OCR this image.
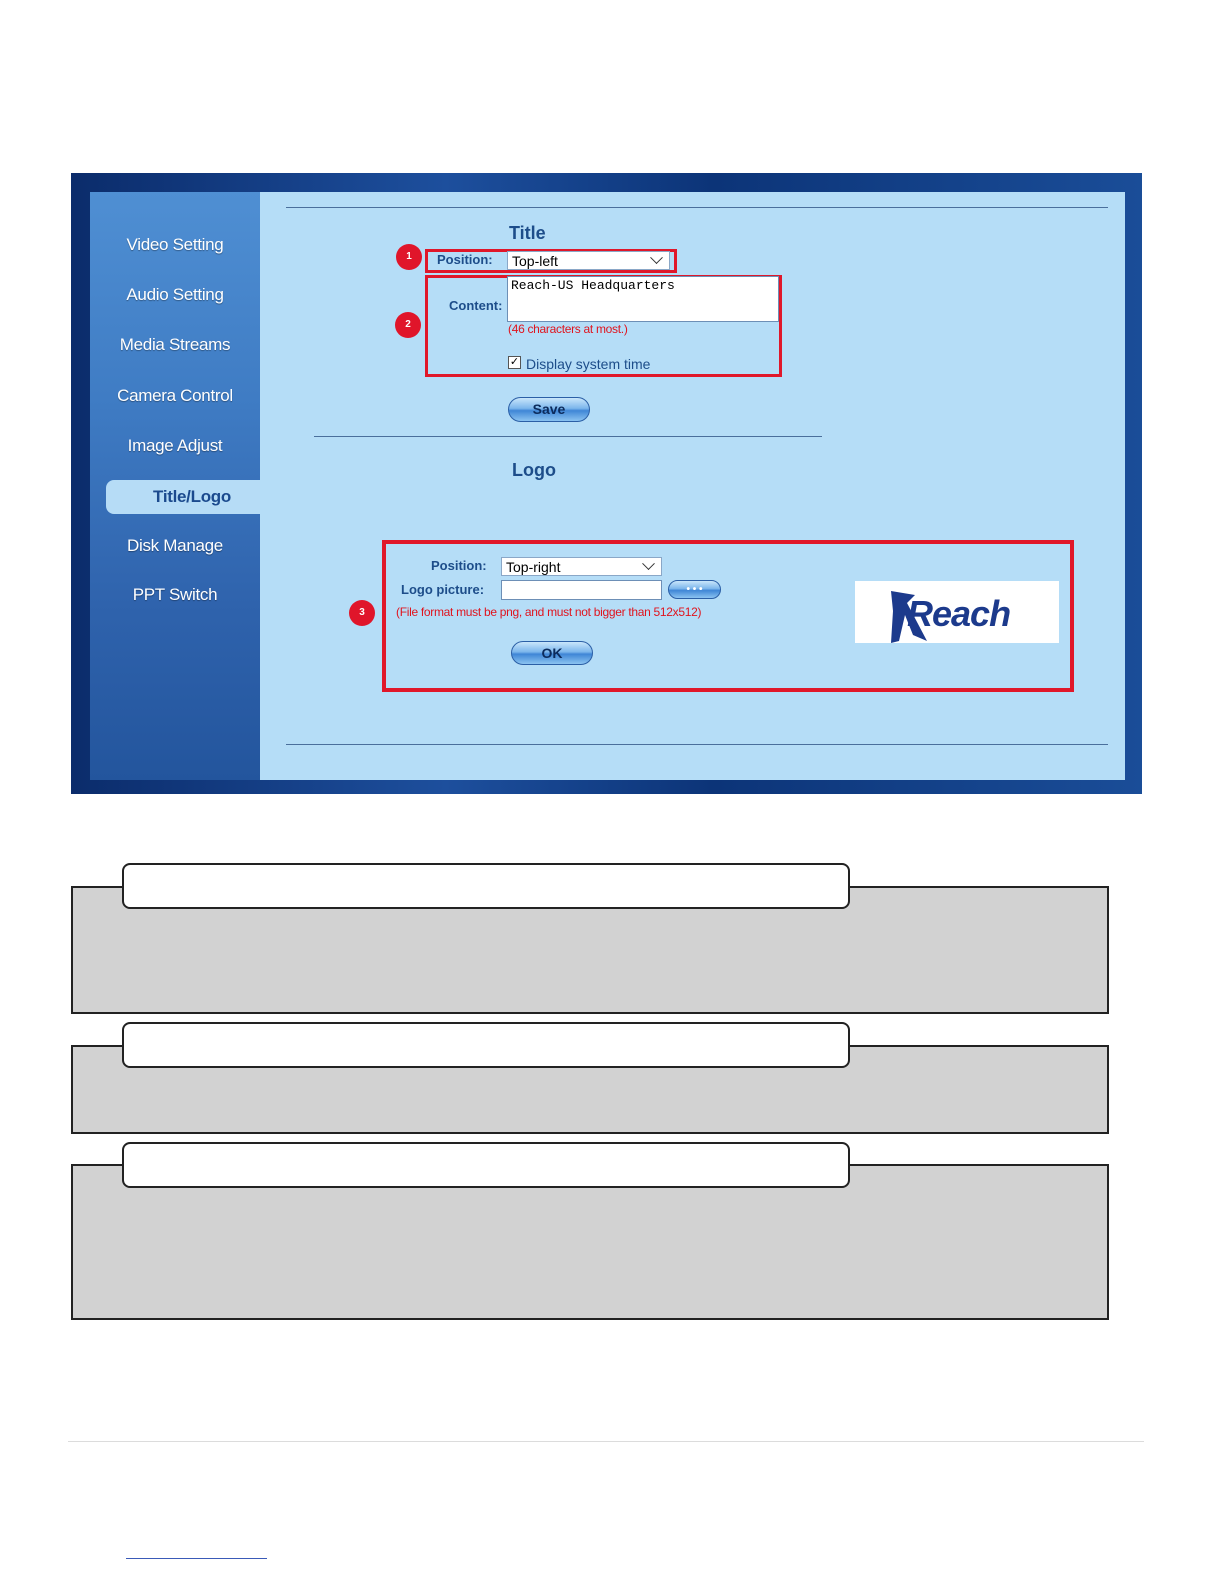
Video Setting
Audio Setting
Media Streams
Camera Control
Image Adjust
Title/Logo
Disk Manage
PPT Switch
Title
1	Position:	Top-left
2
Content:
Reach-US Headquarters
(46 characters at most.)
✓ Display system time
Save
Logo
3
Position:	Top-right
Logo picture:	• • •
(File format must be png, and must not bigger than 512x512)
OK
Reach
